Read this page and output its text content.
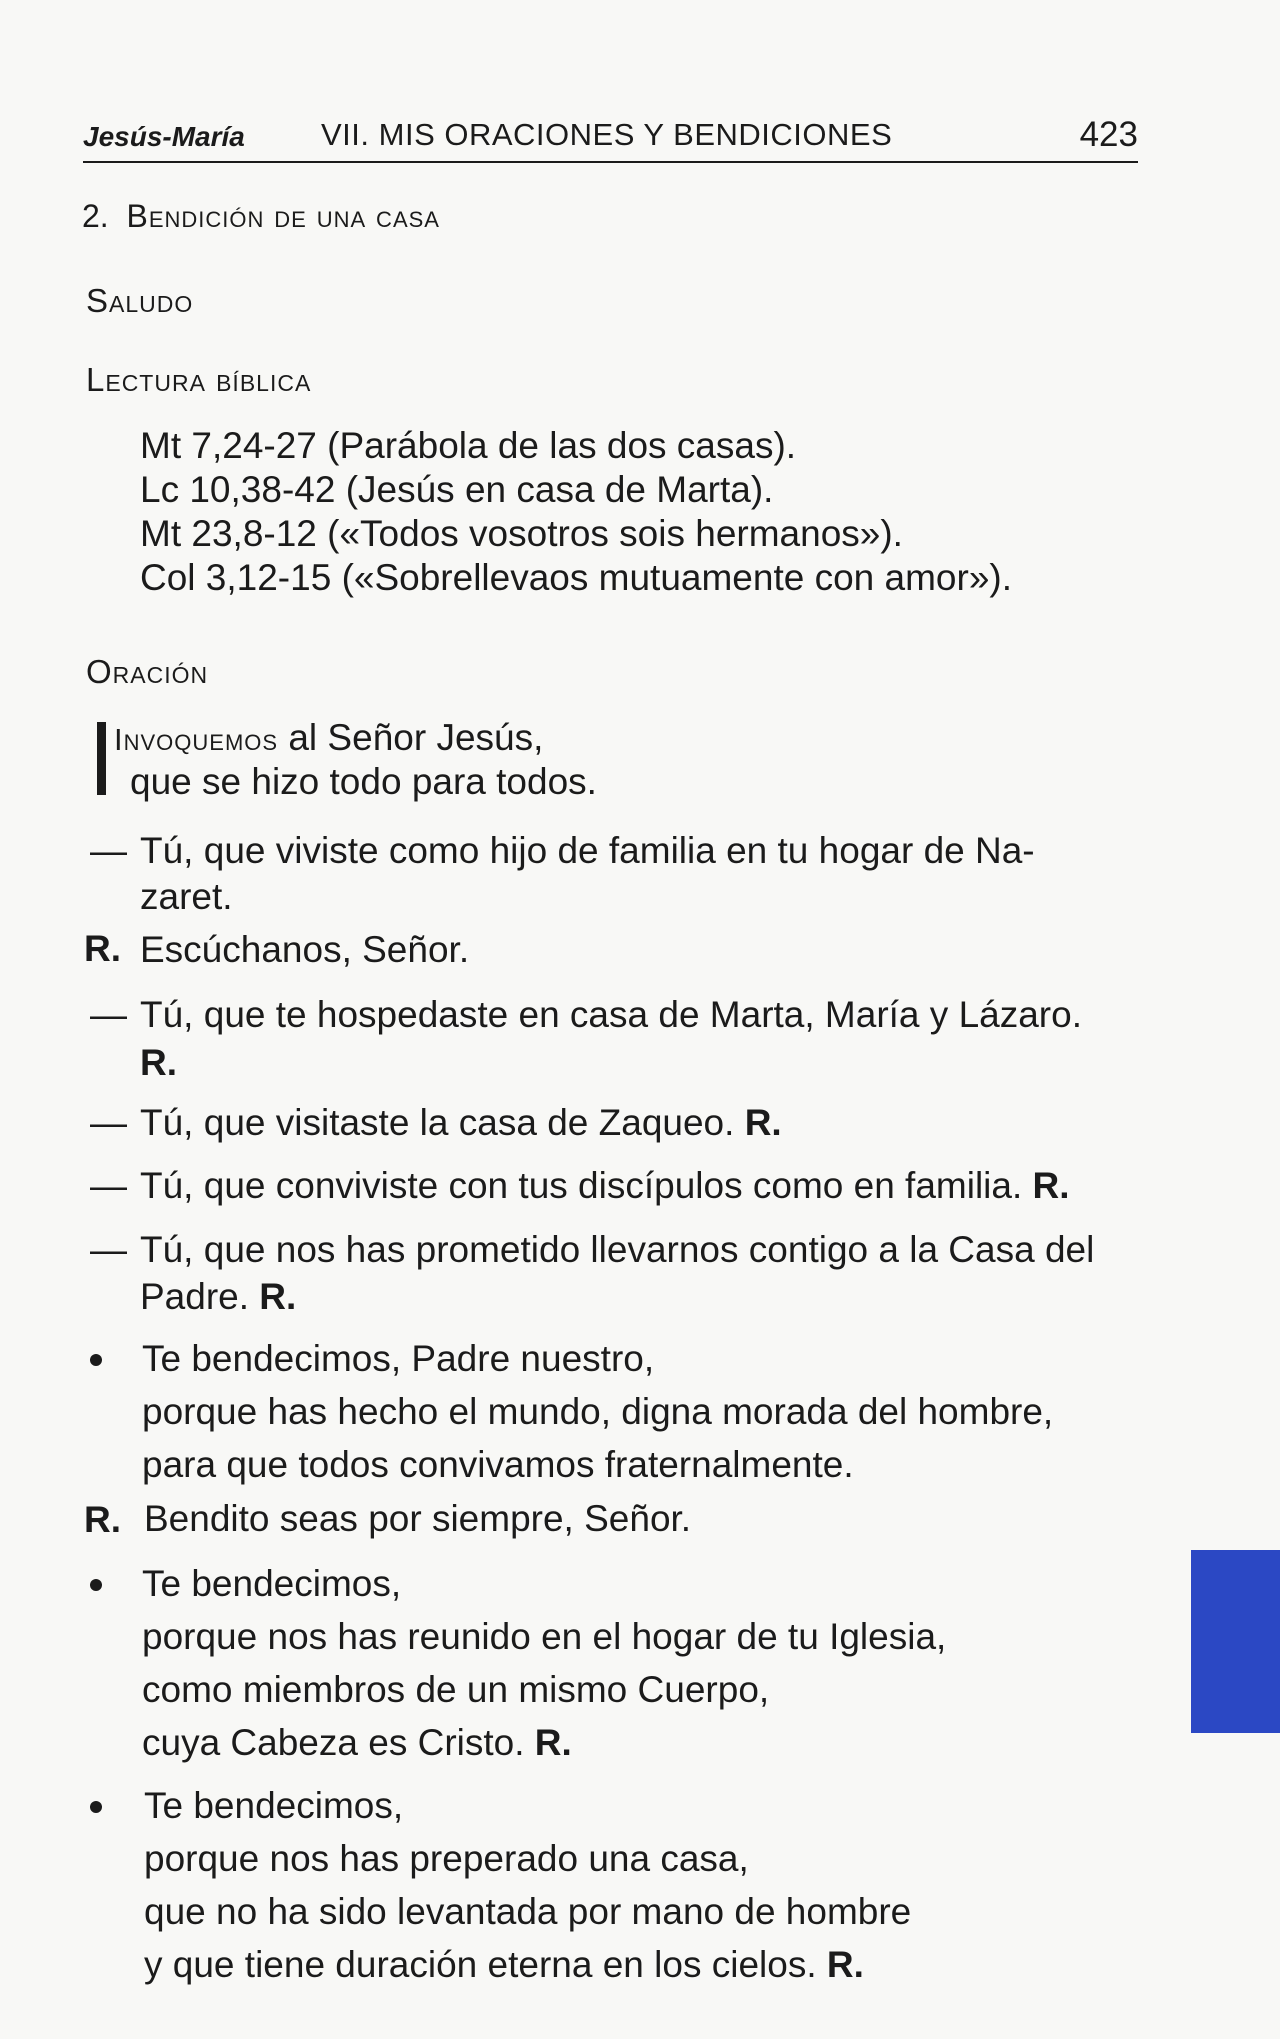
Jesús-María VII. MIS ORACIONES Y BENDICIONES	423
2. Bendición de una casa
Saludo
Lectura bíblica
Mt 7,24-27 (Parábola de las dos casas).
Lc 10,38-42 (Jesús en casa de Marta).
Mt 23,8-12 («Todos vosotros sois hermanos»).
Col 3,12-15 («Sobrellevaos mutuamente con amor»).
Oración
Invoquemos al Señor Jesús,
que se hizo todo para todos.
— Tú, que viviste como hijo de familia en tu hogar de Na-
zaret.
R. Escúchanos, Señor.
— Tú, que te hospedaste en casa de Marta, María y Lázaro.
R.
— Tú, que visitaste la casa de Zaqueo. R.
— Tú, que conviviste con tus discípulos como en familia. R.
— Tú, que nos has prometido llevarnos contigo a la Casa del
Padre. R.
Te bendecimos, Padre nuestro,
porque has hecho el mundo, digna morada del hombre,
para que todos convivamos fraternalmente.
R. Bendito seas por siempre, Señor.
Te bendecimos,
porque nos has reunido en el hogar de tu Iglesia,
como miembros de un mismo Cuerpo,
cuya Cabeza es Cristo. R.
Te bendecimos,
porque nos has preperado una casa,
que no ha sido levantada por mano de hombre
y que tiene duración eterna en los cielos. R.
